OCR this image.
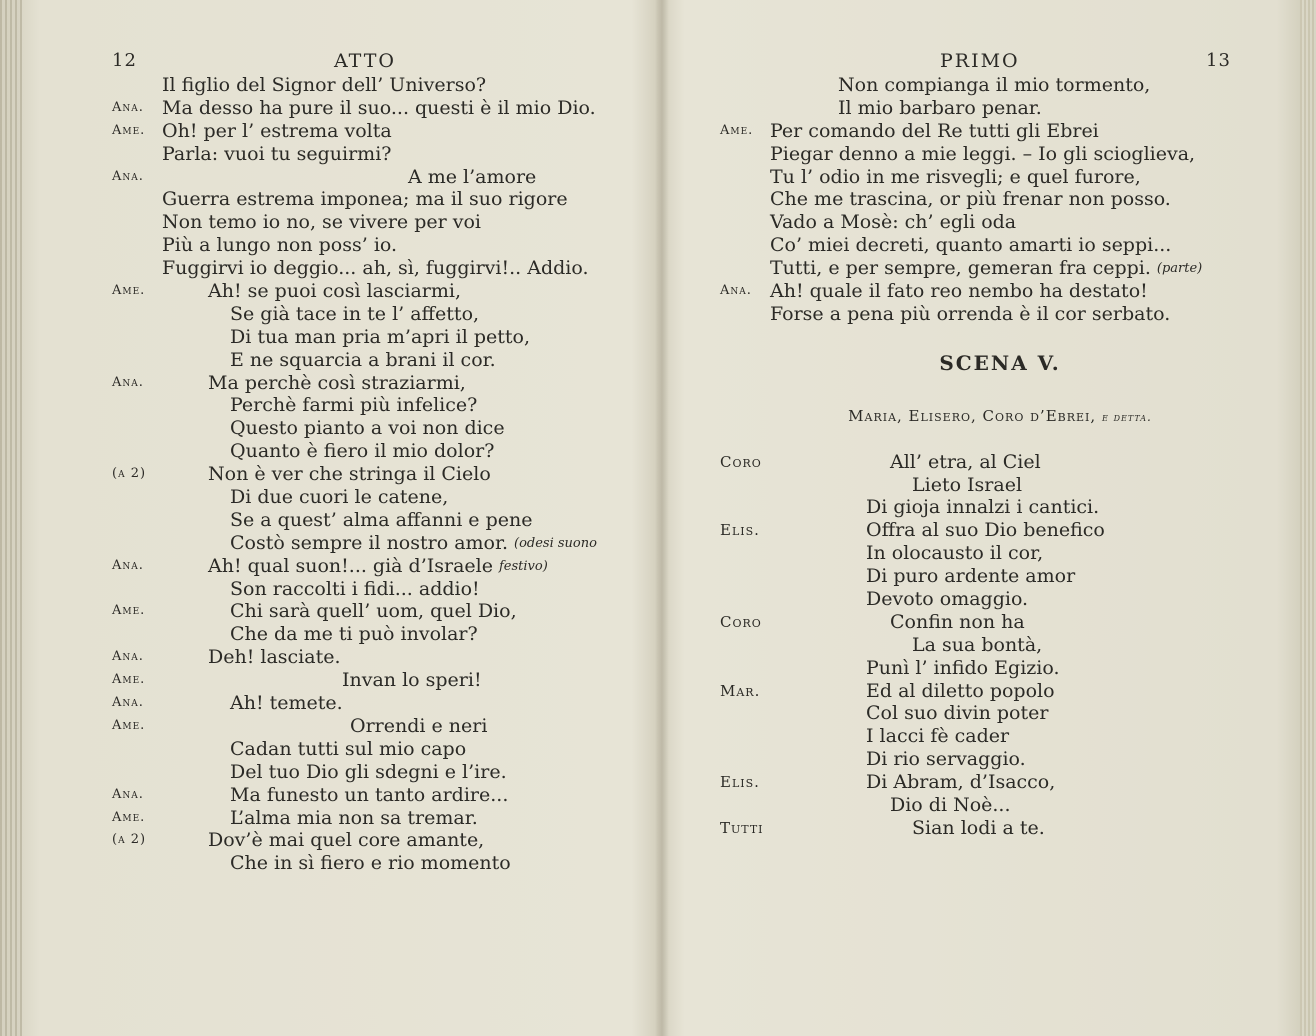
12	ATTO
Il figlio del Signor dell’ Universo?
Ana. Ma desso ha pure il suo... questi è il mio Dio.
Ame. Oh! per l’ estrema volta
Parla: vuoi tu seguirmi?
Ana.	A me l’amore
Guerra estrema imponea; ma il suo rigore
Non temo io no, se vivere per voi
Più a lungo non poss’ io.
Fuggirvi io deggio... ah, sì, fuggirvi!.. Addio.
Ame.	Ah! se puoi così lasciarmi,
Se già tace in te l’ affetto,
Di tua man pria m’apri il petto,
E ne squarcia a brani il cor.
Ana.	Ma perchè così straziarmi,
Perchè farmi più infelice?
Questo pianto a voi non dice
Quanto è fiero il mio dolor?
(a 2)	Non è ver che stringa il Cielo
Di due cuori le catene,
Se a quest’ alma affanni e pene
Costò sempre il nostro amor. (odesi suono
Ana.	Ah! qual suon!... già d’Israele festivo)
Son raccolti i fidi... addio!
Ame.	Chi sarà quell’ uom, quel Dio,
Che da me ti può involar?
Ana.	Deh! lasciate.
Ame.	Invan lo speri!
Ana.	Ah! temete.
Ame.	Orrendi e neri
Cadan tutti sul mio capo
Del tuo Dio gli sdegni e l’ire.
Ana.	Ma funesto un tanto ardire...
Ame.	L’alma mia non sa tremar.
(a 2)	Dov’è mai quel core amante,
Che in sì fiero e rio momento
PRIMO	13
Non compianga il mio tormento,
Il mio barbaro penar.
Ame. Per comando del Re tutti gli Ebrei
Piegar denno a mie leggi. – Io gli scioglieva,
Tu l’ odio in me risvegli; e quel furore,
Che me trascina, or più frenar non posso.
Vado a Mosè: ch’ egli oda
Co’ miei decreti, quanto amarti io seppi...
Tutti, e per sempre, gemeran fra ceppi. (parte)
Ana. Ah! quale il fato reo nembo ha destato!
Forse a pena più orrenda è il cor serbato.
SCENA V.
Maria, Elisero, Coro d’Ebrei, e detta.
Coro	All’ etra, al Ciel
Lieto Israel
Di gioja innalzi i cantici.
Elis.	Offra al suo Dio benefico
In olocausto il cor,
Di puro ardente amor
Devoto omaggio.
Coro	Confin non ha
La sua bontà,
Punì l’ infido Egizio.
Mar.	Ed al diletto popolo
Col suo divin poter
I lacci fè cader
Di rio servaggio.
Elis.	Di Abram, d’Isacco,
Dio di Noè...
Tutti	Sian lodi a te.
